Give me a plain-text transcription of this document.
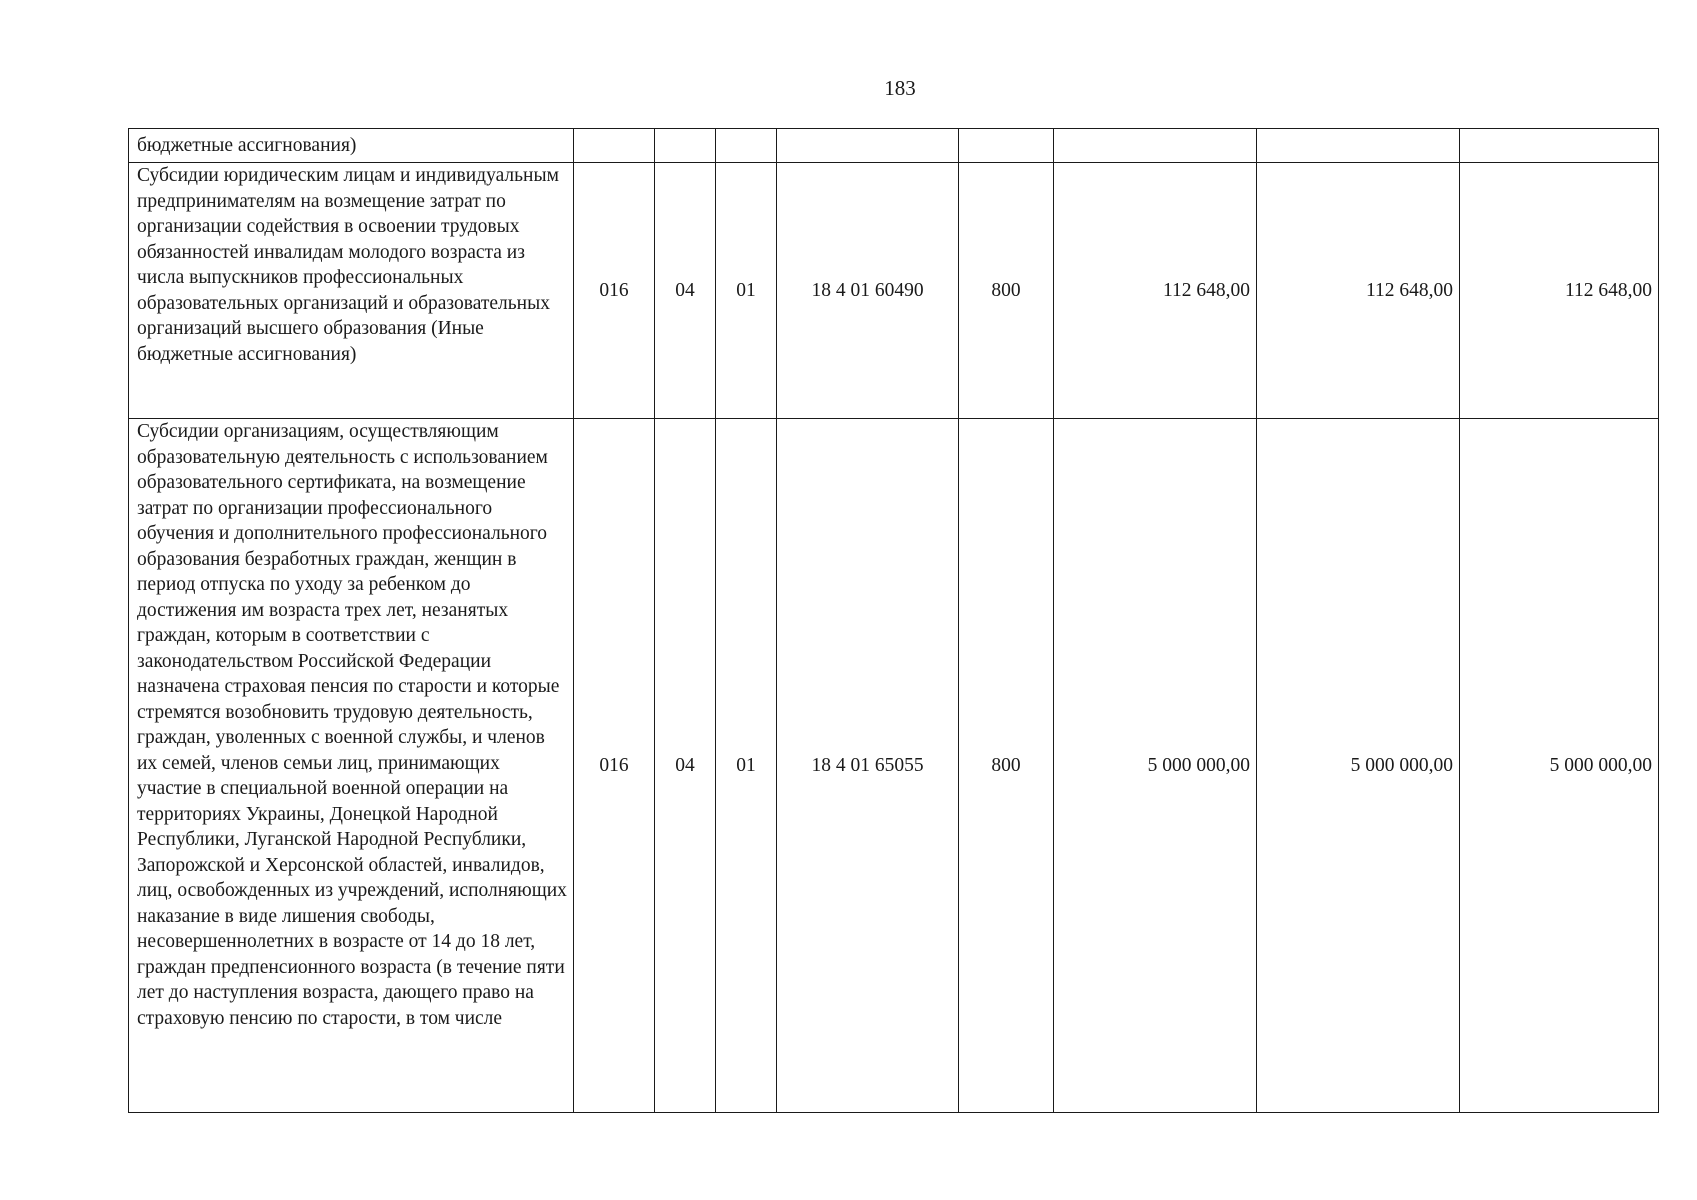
183
бюджетные ассигнования)								
Субсидии юридическим лицам и индивидуальным предпринимателям на возмещение затрат по организации содействия в освоении трудовых обязанностей инвалидам молодого возраста из числа выпускников профессиональных образовательных организаций и образовательных организаций высшего образования (Иные бюджетные ассигнования)	016	04	01	18 4 01 60490	800	112 648,00	112 648,00	112 648,00
Субсидии организациям, осуществляющим образовательную деятельность с использованием образовательного сертификата, на возмещение затрат по организации профессионального обучения и дополнительного профессионального образования безработных граждан, женщин в период отпуска по уходу за ребенком до достижения им возраста трех лет, незанятых граждан, которым в соответствии с законодательством Российской Федерации назначена страховая пенсия по старости и которые стремятся возобновить трудовую деятельность, граждан, уволенных с военной службы, и членов их семей, членов семьи лиц, принимающих участие в специальной военной операции на территориях Украины, Донецкой Народной Республики, Луганской Народной Республики, Запорожской и Херсонской областей, инвалидов, лиц, освобожденных из учреждений, исполняющих наказание в виде лишения свободы, несовершеннолетних в возрасте от 14 до 18 лет, граждан предпенсионного возраста (в течение пяти лет до наступления возраста, дающего право на страховую пенсию по старости, в том числе	016	04	01	18 4 01 65055	800	5 000 000,00	5 000 000,00	5 000 000,00
